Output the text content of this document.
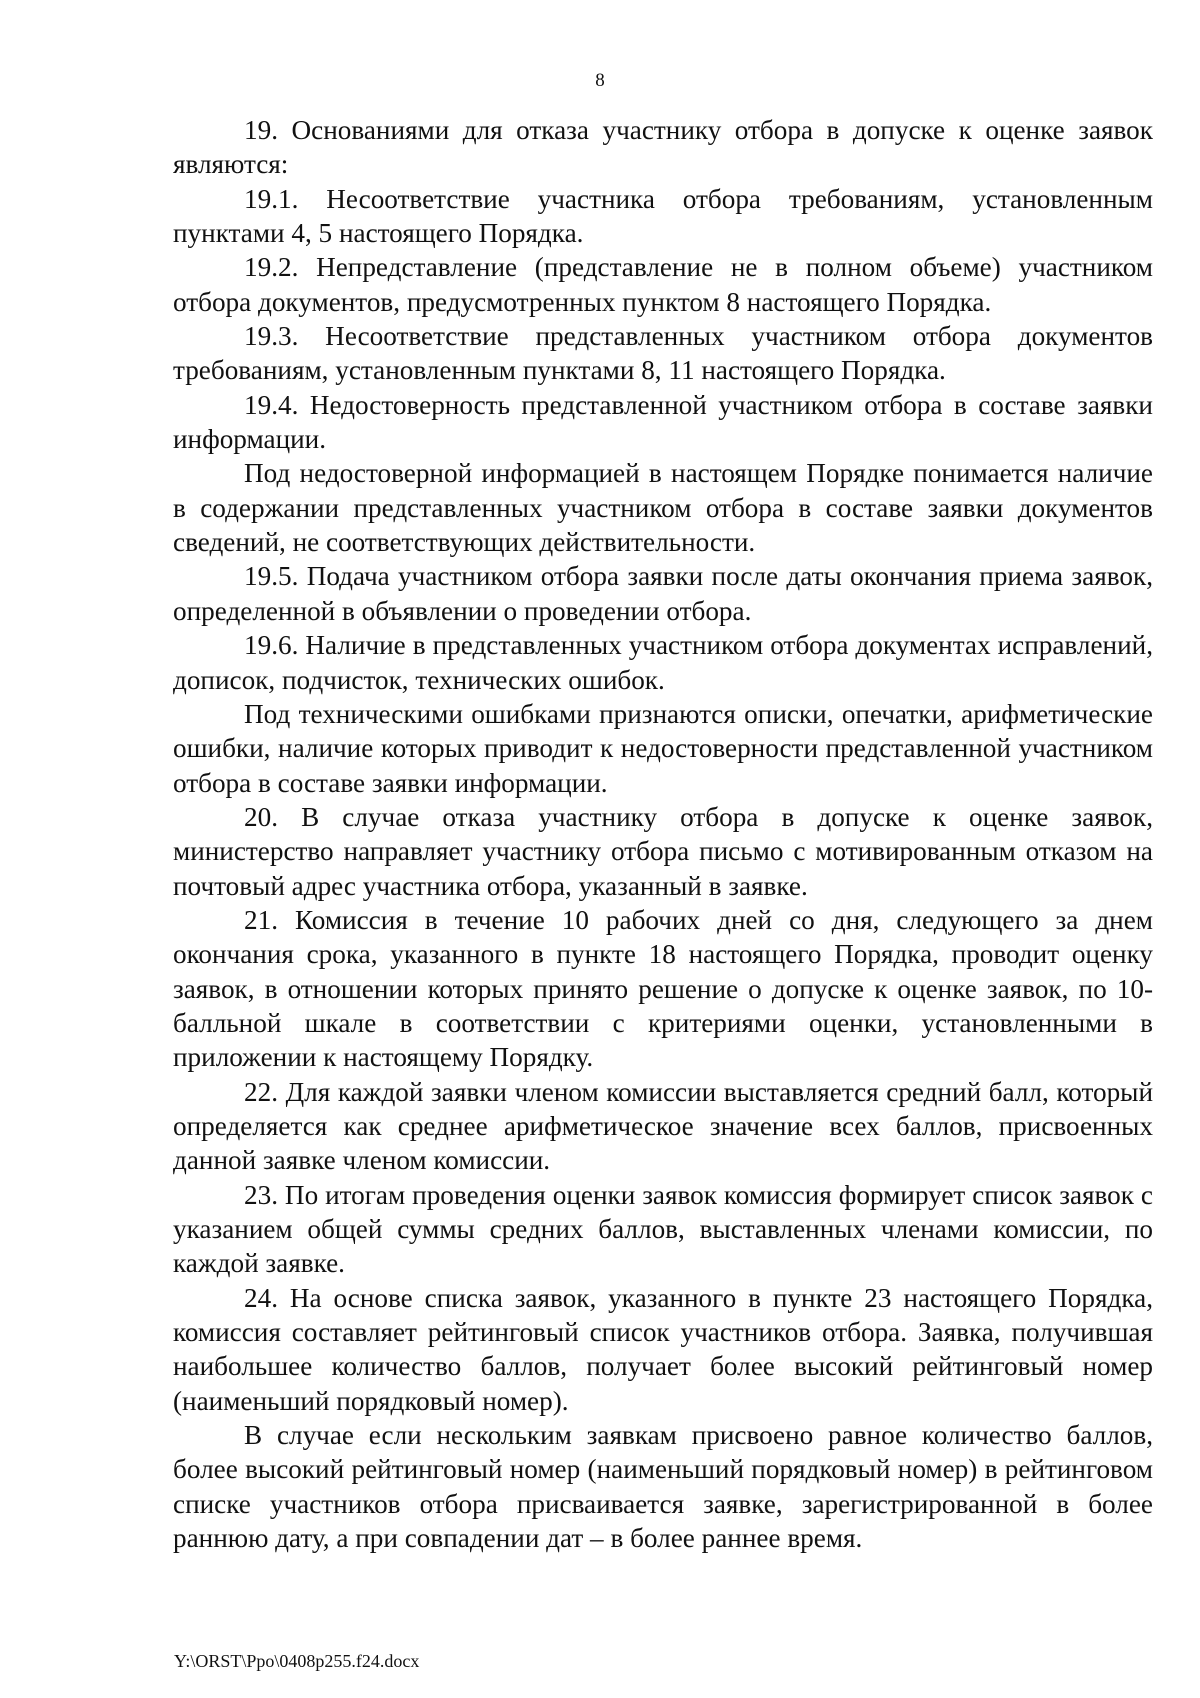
8

19. Основаниями для отказа участнику отбора в допуске к оценке заявок являются:

19.1. Несоответствие участника отбора требованиям, установленным пунктами 4, 5 настоящего Порядка.

19.2. Непредставление (представление не в полном объеме) участником отбора документов, предусмотренных пунктом 8 настоящего Порядка.

19.3. Несоответствие представленных участником отбора документов требованиям, установленным пунктами 8, 11 настоящего Порядка.

19.4. Недостоверность представленной участником отбора в составе заявки информации.

Под недостоверной информацией в настоящем Порядке понимается наличие в содержании представленных участником отбора в составе заявки документов сведений, не соответствующих действительности.

19.5. Подача участником отбора заявки после даты окончания приема заявок, определенной в объявлении о проведении отбора.

19.6. Наличие в представленных участником отбора документах исправлений, дописок, подчисток, технических ошибок.

Под техническими ошибками признаются описки, опечатки, арифметические ошибки, наличие которых приводит к недостоверности представленной участником отбора в составе заявки информации.

20. В случае отказа участнику отбора в допуске к оценке заявок, министерство направляет участнику отбора письмо с мотивированным отказом на почтовый адрес участника отбора, указанный в заявке.

21. Комиссия в течение 10 рабочих дней со дня, следующего за днем окончания срока, указанного в пункте 18 настоящего Порядка, проводит оценку заявок, в отношении которых принято решение о допуске к оценке заявок, по 10-балльной шкале в соответствии с критериями оценки, установленными в приложении к настоящему Порядку.

22. Для каждой заявки членом комиссии выставляется средний балл, который определяется как среднее арифметическое значение всех баллов, присвоенных данной заявке членом комиссии.

23. По итогам проведения оценки заявок комиссия формирует список заявок с указанием общей суммы средних баллов, выставленных членами комиссии, по каждой заявке.

24. На основе списка заявок, указанного в пункте 23 настоящего Порядка, комиссия составляет рейтинговый список участников отбора. Заявка, получившая наибольшее количество баллов, получает более высокий рейтинговый номер (наименьший порядковый номер).

В случае если нескольким заявкам присвоено равное количество баллов, более высокий рейтинговый номер (наименьший порядковый номер) в рейтинговом списке участников отбора присваивается заявке, зарегистрированной в более раннюю дату, а при совпадении дат – в более раннее время.

Y:\ORST\Ppo\0408p255.f24.docx
